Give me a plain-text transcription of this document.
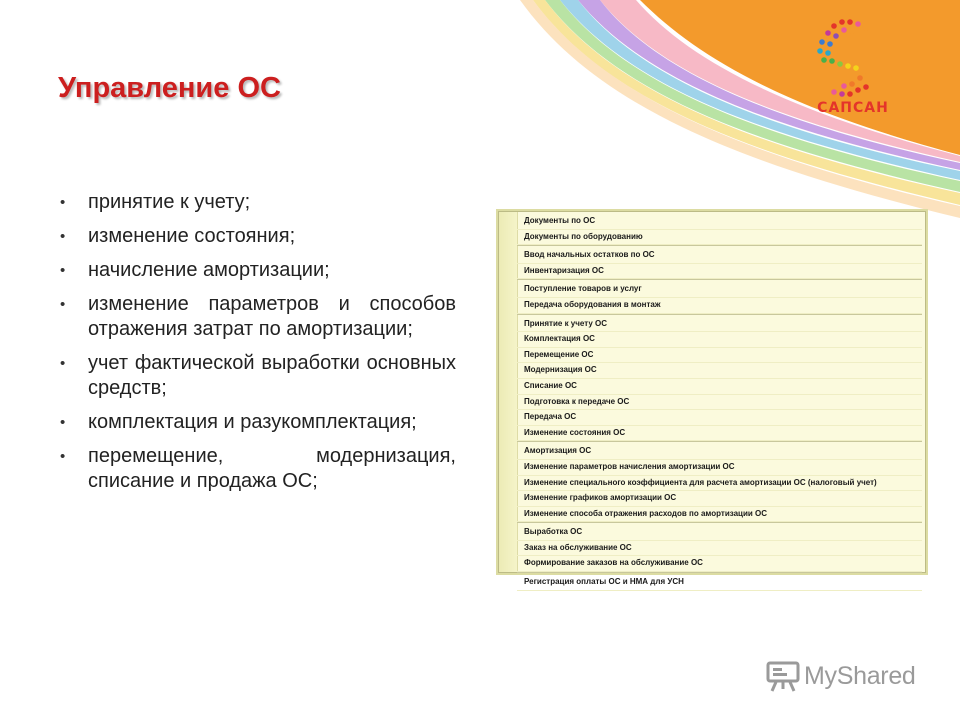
САПСАН
Управление ОС
• принятие к учету;
• изменение состояния;
• начисление амортизации;
• изменение параметров и способов отражения затрат по амортизации;
• учет фактической выработки основных средств;
• комплектация и разукомплектация;
• перемещение, модернизация, списание и продажа ОС;
Документы по ОС
Документы по оборудованию
Ввод начальных остатков по ОС
Инвентаризация ОС
Поступление товаров и услуг
Передача оборудования в монтаж
Принятие к учету ОС
Комплектация ОС
Перемещение ОС
Модернизация ОС
Списание ОС
Подготовка к передаче ОС
Передача ОС
Изменение состояния ОС
Амортизация ОС
Изменение параметров начисления амортизации ОС
Изменение специального коэффициента для расчета амортизации ОС (налоговый учет)
Изменение графиков амортизации ОС
Изменение способа отражения расходов по амортизации ОС
Выработка ОС
Заказ на обслуживание ОС
Формирование заказов на обслуживание ОС
Регистрация оплаты ОС и НМА для УСН
MyShared
